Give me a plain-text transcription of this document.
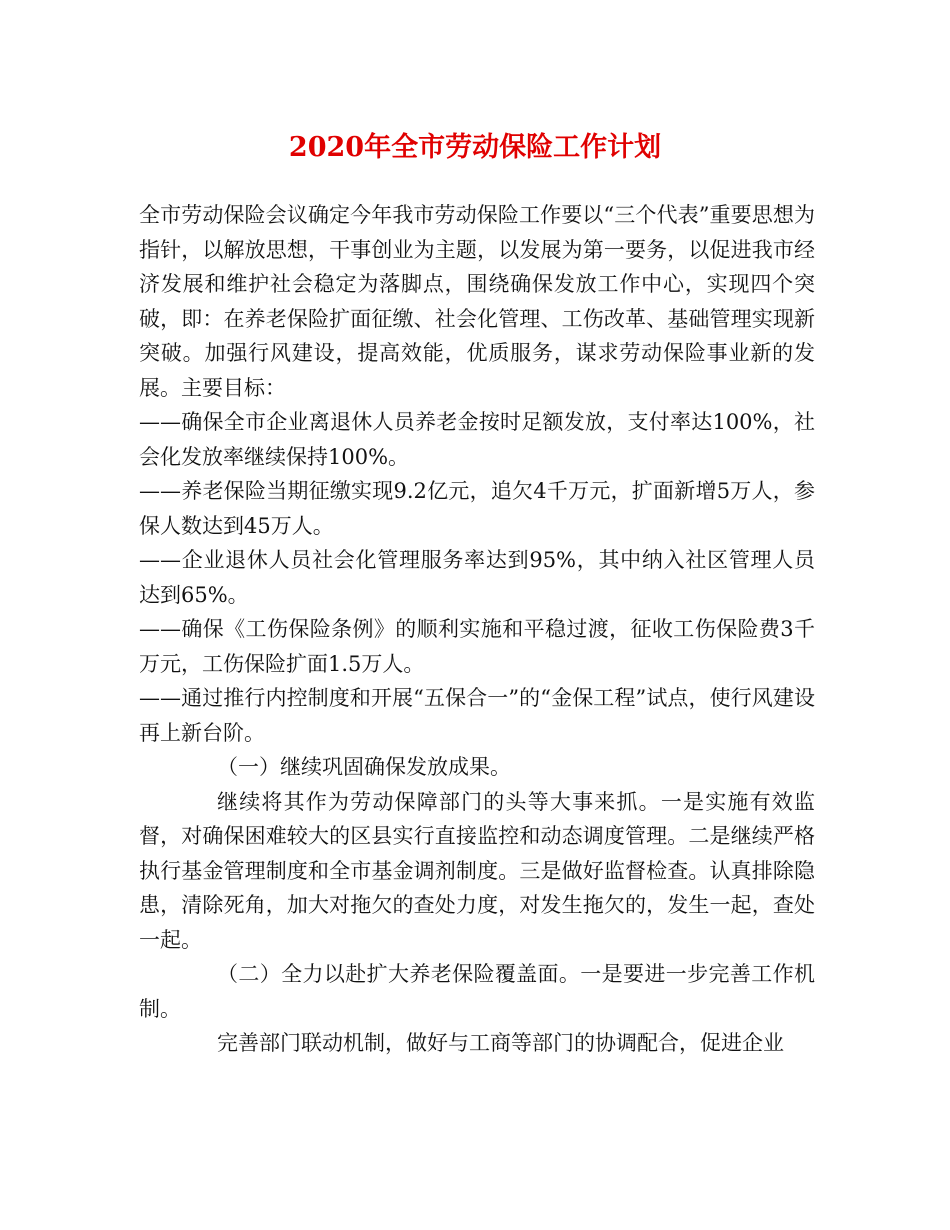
2020年全市劳动保险工作计划

全市劳动保险会议确定今年我市劳动保险工作要以“三个代表”重要思想为指针，以解放思想，干事创业为主题，以发展为第一要务，以促进我市经济发展和维护社会稳定为落脚点，围绕确保发放工作中心，实现四个突破，即：在养老保险扩面征缴、社会化管理、工伤改革、基础管理实现新突破。加强行风建设，提高效能，优质服务，谋求劳动保险事业新的发展。主要目标：

——确保全市企业离退休人员养老金按时足额发放，支付率达100%，社会化发放率继续保持100%。

——养老保险当期征缴实现9.2亿元，追欠4千万元，扩面新增5万人，参保人数达到45万人。

——企业退休人员社会化管理服务率达到95%，其中纳入社区管理人员达到65%。

——确保《工伤保险条例》的顺利实施和平稳过渡，征收工伤保险费3千万元，工伤保险扩面1.5万人。

——通过推行内控制度和开展“五保合一”的“金保工程”试点，使行风建设再上新台阶。

（一）继续巩固确保发放成果。

继续将其作为劳动保障部门的头等大事来抓。一是实施有效监督，对确保困难较大的区县实行直接监控和动态调度管理。二是继续严格执行基金管理制度和全市基金调剂制度。三是做好监督检查。认真排除隐患，清除死角，加大对拖欠的查处力度，对发生拖欠的，发生一起，查处一起。

（二）全力以赴扩大养老保险覆盖面。一是要进一步完善工作机制。

完善部门联动机制，做好与工商等部门的协调配合，促进企业
